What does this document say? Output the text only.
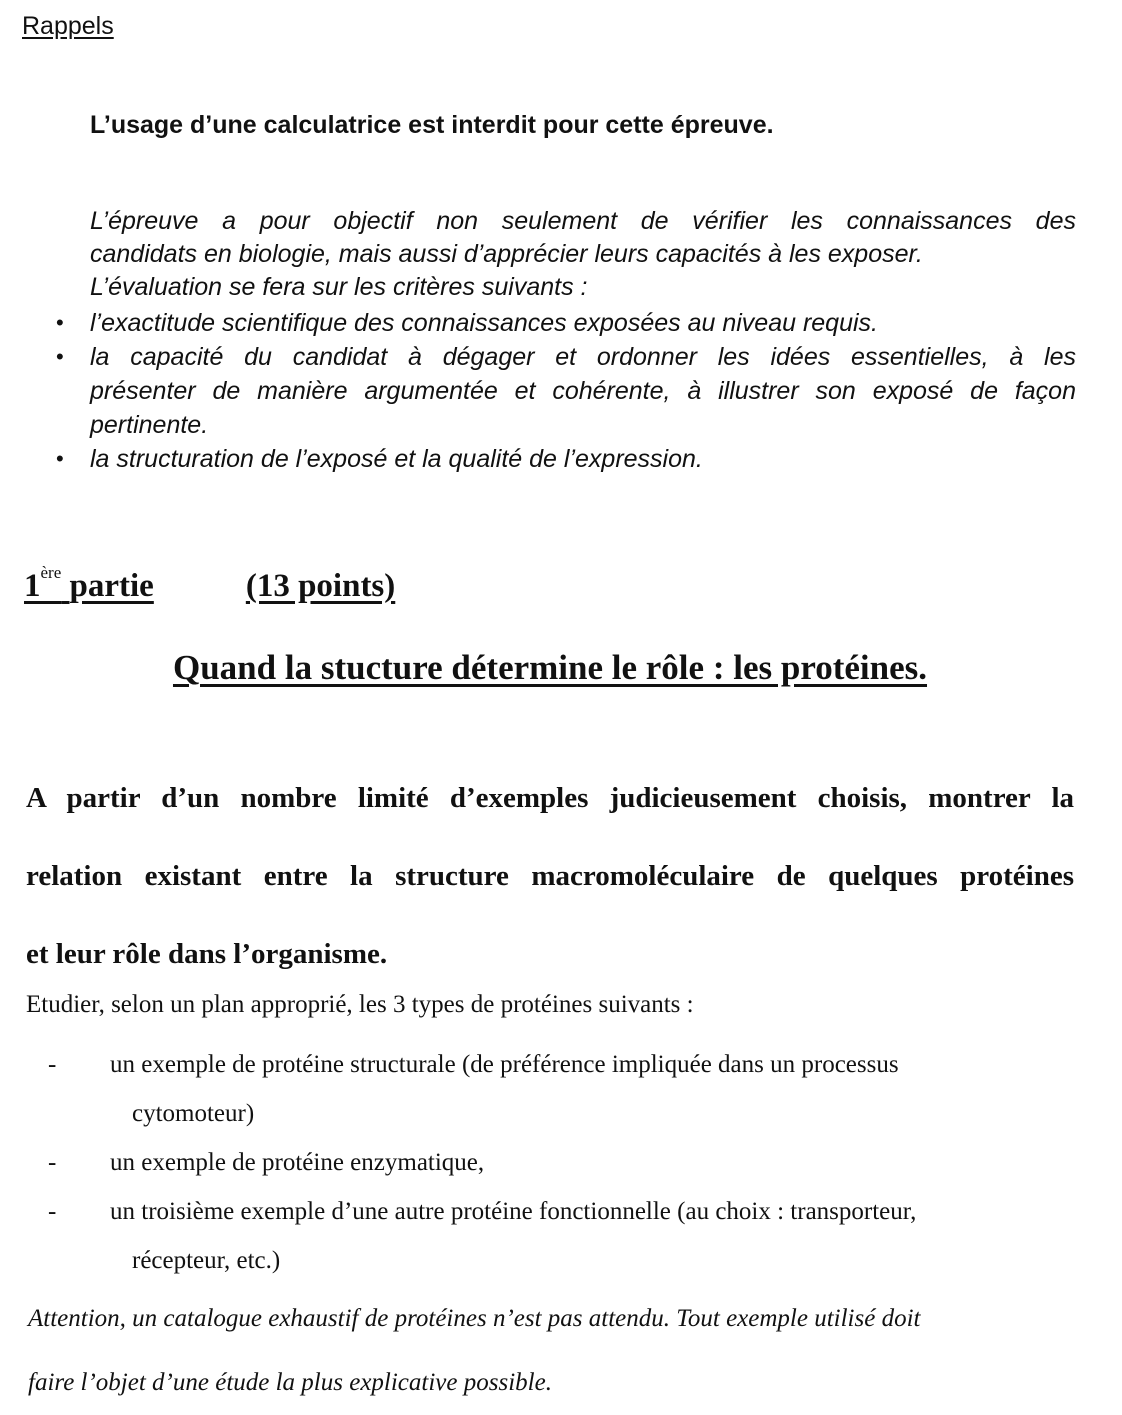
Rappels
L’usage d’une calculatrice est interdit pour cette épreuve.
L’épreuve a pour objectif non seulement de vérifier les connaissances des
candidats en biologie, mais aussi d’apprécier leurs capacités à les exposer.
L’évaluation se fera sur les critères suivants :
• l’exactitude scientifique des connaissances exposées au niveau requis.
• la capacité du candidat à dégager et ordonner les idées essentielles, à les
présenter de manière argumentée et cohérente, à illustrer son exposé de façon
pertinente.
• la structuration de l’exposé et la qualité de l’expression.
1ère partie	(13 points)
Quand la stucture détermine le rôle : les protéines.
A partir d’un nombre limité d’exemples judicieusement choisis, montrer la
relation existant entre la structure macromoléculaire de quelques protéines
et leur rôle dans l’organisme.
Etudier, selon un plan approprié, les 3 types de protéines suivants :
- un exemple de protéine structurale (de préférence impliquée dans un processus
cytomoteur)
- un exemple de protéine enzymatique,
- un troisième exemple d’une autre protéine fonctionnelle (au choix : transporteur,
récepteur, etc.)
Attention, un catalogue exhaustif de protéines n’est pas attendu. Tout exemple utilisé doit
faire l’objet d’une étude la plus explicative possible.
